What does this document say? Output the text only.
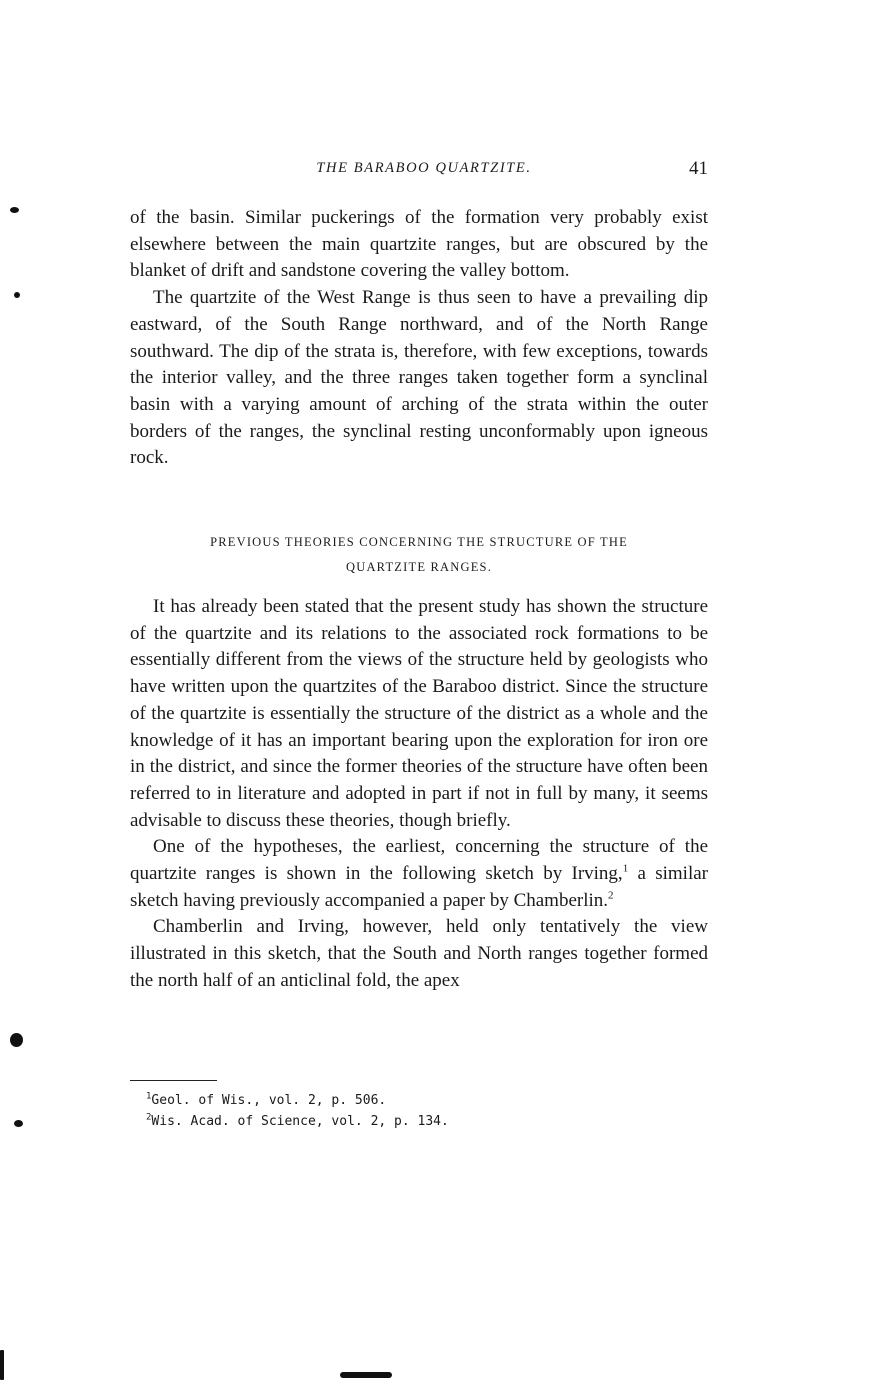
THE BARABOO QUARTZITE.	41

of the basin. Similar puckerings of the formation very probably exist elsewhere between the main quartzite ranges, but are obscured by the blanket of drift and sandstone covering the valley bottom.

The quartzite of the West Range is thus seen to have a prevailing dip eastward, of the South Range northward, and of the North Range southward. The dip of the strata is, therefore, with few exceptions, towards the interior valley, and the three ranges taken together form a synclinal basin with a varying amount of arching of the strata within the outer borders of the ranges, the synclinal resting unconformably upon igneous rock.

PREVIOUS THEORIES CONCERNING THE STRUCTURE OF THE
QUARTZITE RANGES.

It has already been stated that the present study has shown the structure of the quartzite and its relations to the associated rock formations to be essentially different from the views of the structure held by geologists who have written upon the quartzites of the Baraboo district. Since the structure of the quartzite is essentially the structure of the district as a whole and the knowledge of it has an important bearing upon the exploration for iron ore in the district, and since the former theories of the structure have often been referred to in literature and adopted in part if not in full by many, it seems advisable to discuss these theories, though briefly.

One of the hypotheses, the earliest, concerning the structure of the quartzite ranges is shown in the following sketch by Irving,$^1$ a similar sketch having previously accompanied a paper by Chamberlin.$^2$

Chamberlin and Irving, however, held only tentatively the view illustrated in this sketch, that the South and North ranges together formed the north half of an anticlinal fold, the apex

$^1$Geol. of Wis., vol. 2, p. 506.
$^2$Wis. Acad. of Science, vol. 2, p. 134.
